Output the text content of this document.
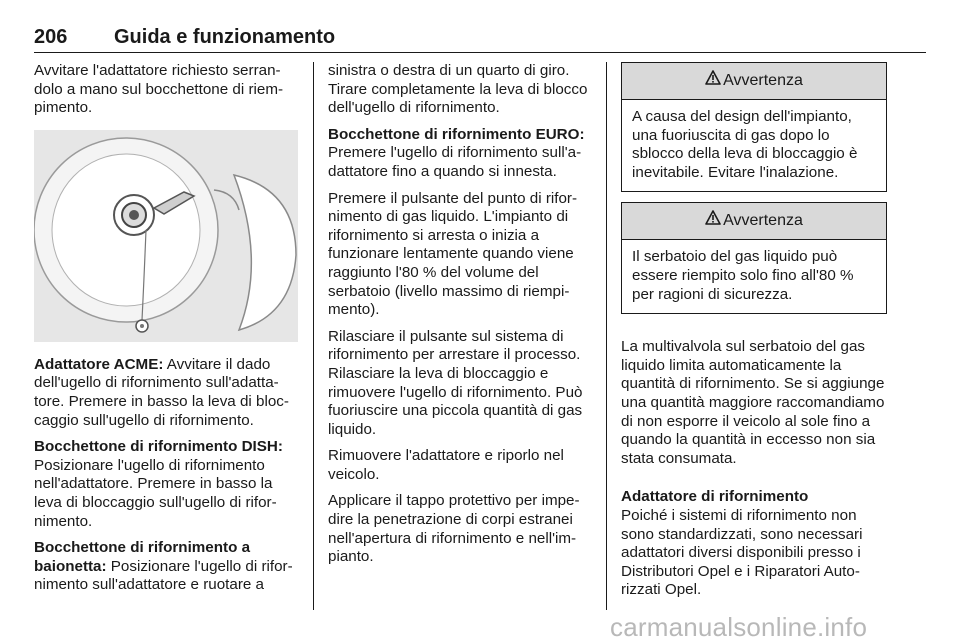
206 Guida e funzionamento

Avvitare l'adattatore richiesto serrandolo a mano sul bocchettone di riempimento.

Adattatore ACME: Avvitare il dado dell'ugello di rifornimento sull'adattatore. Premere in basso la leva di bloccaggio sull'ugello di rifornimento.

Bocchettone di rifornimento DISH:
Posizionare l'ugello di rifornimento nell'adattatore. Premere in basso la leva di bloccaggio sull'ugello di rifornimento.

Bocchettone di rifornimento a baionetta: Posizionare l'ugello di rifornimento sull'adattatore e ruotare a

sinistra o destra di un quarto di giro. Tirare completamente la leva di blocco dell'ugello di rifornimento.

Bocchettone di rifornimento EURO:
Premere l'ugello di rifornimento sull'adattatore fino a quando si innesta.

Premere il pulsante del punto di rifornimento di gas liquido. L'impianto di rifornimento si arresta o inizia a funzionare lentamente quando viene raggiunto l'80 % del volume del serbatoio (livello massimo di riempimento).

Rilasciare il pulsante sul sistema di rifornimento per arrestare il processo. Rilasciare la leva di bloccaggio e rimuovere l'ugello di rifornimento. Può fuoriuscire una piccola quantità di gas liquido.

Rimuovere l'adattatore e riporlo nel veicolo.

Applicare il tappo protettivo per impedire la penetrazione di corpi estranei nell'apertura di rifornimento e nell'impianto.

Avvertenza
A causa del design dell'impianto, una fuoriuscita di gas dopo lo sblocco della leva di bloccaggio è inevitabile. Evitare l'inalazione.
Avvertenza
Il serbatoio del gas liquido può essere riempito solo fino all'80 % per ragioni di sicurezza.

La multivalvola sul serbatoio del gas liquido limita automaticamente la quantità di rifornimento. Se si aggiunge una quantità maggiore raccomandiamo di non esporre il veicolo al sole fino a quando la quantità in eccesso non sia stata consumata.

Adattatore di rifornimento
Poiché i sistemi di rifornimento non sono standardizzati, sono necessari adattatori diversi disponibili presso i Distributori Opel e i Riparatori Autorizzati Opel.

carmanualsonline.info
